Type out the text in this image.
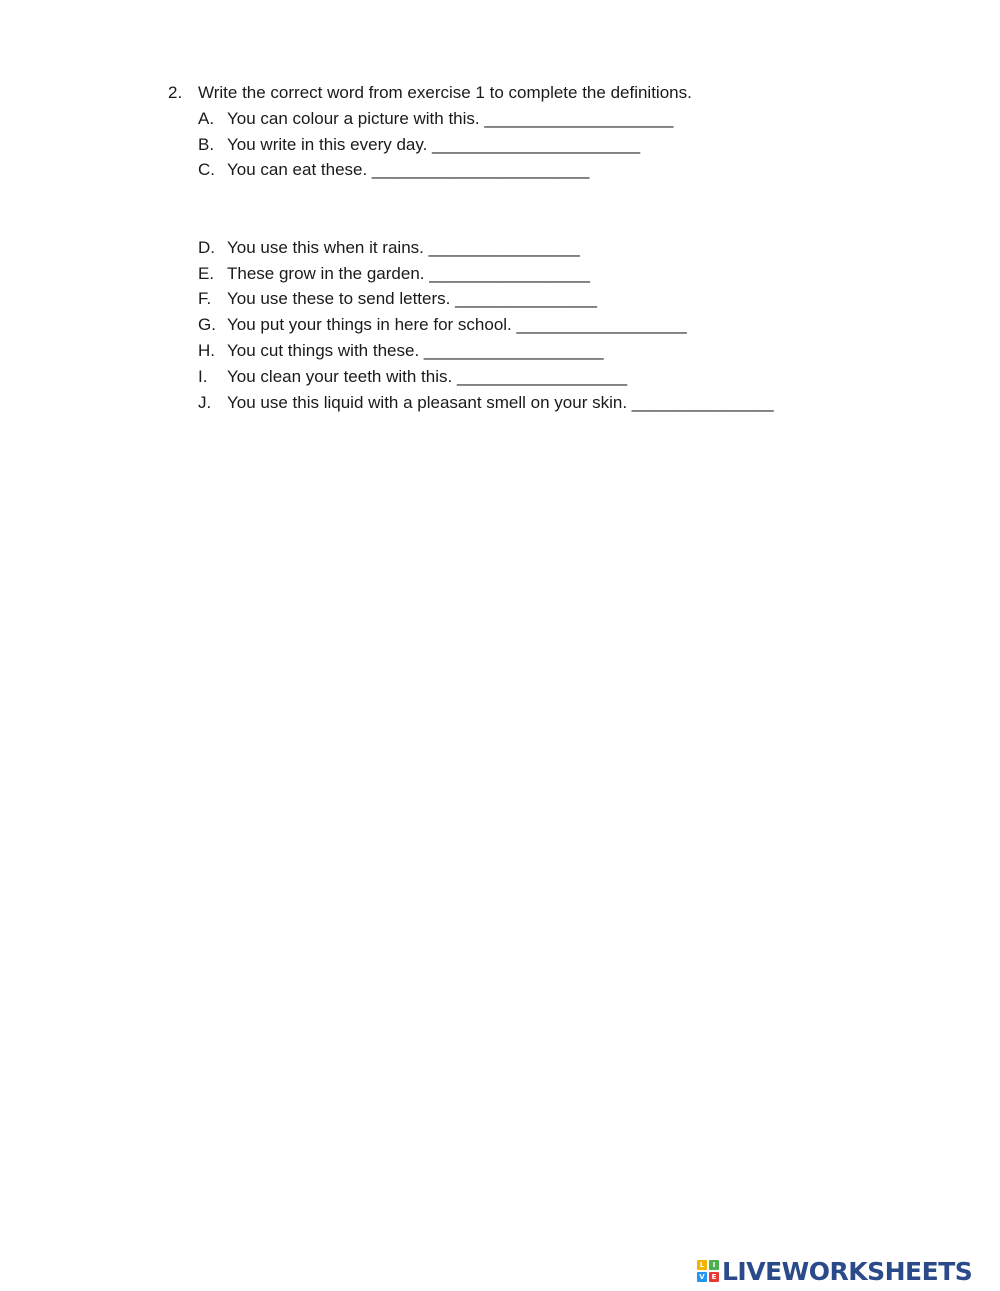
2. Write the correct word from exercise 1 to complete the definitions.
A. You can colour a picture with this. ____________________
B. You write in this every day. ______________________
C. You can eat these. _______________________
D. You use this when it rains. ________________
E. These grow in the garden. _________________
F. You use these to send letters. _______________
G. You put your things in here for school. __________________
H. You cut things with these. ___________________
I. You clean your teeth with this. __________________
J. You use this liquid with a pleasant smell on your skin. _______________
L	I
V E LIVEWORKSHEETS
